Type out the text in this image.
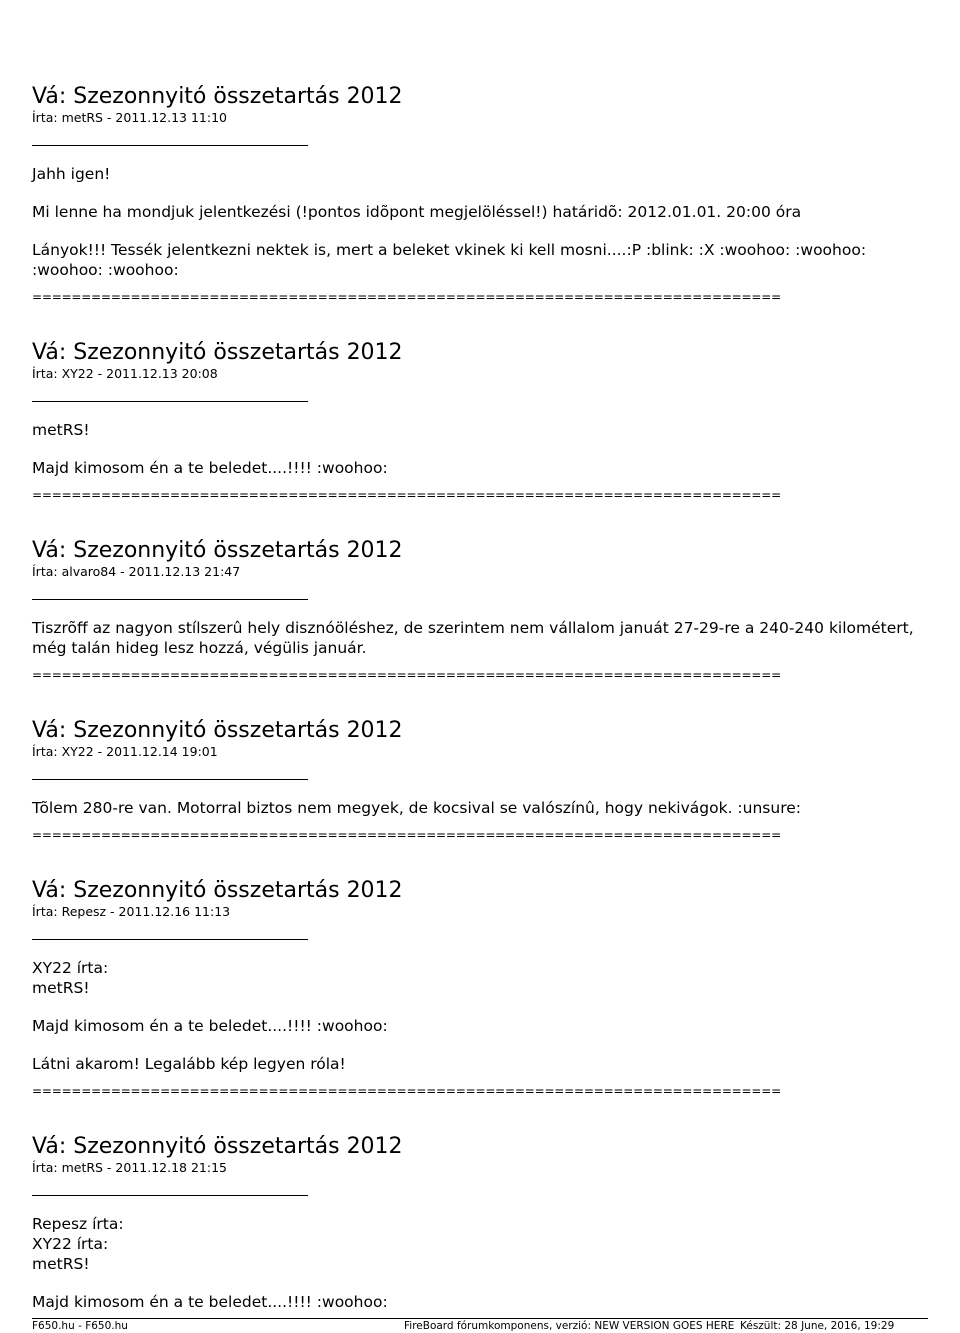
Vá: Szezonnyitó összetartás 2012
Írta: metRS - 2011.12.13 11:10

Jahh igen!

Mi lenne ha mondjuk jelentkezési (!pontos idõpont megjelöléssel!) határidõ: 2012.01.01. 20:00 óra

Lányok!!! Tessék jelentkezni nektek is, mert a beleket vkinek ki kell mosni....:P :blink: :X :woohoo: :woohoo: :woohoo: :woohoo:

============================================================================
Vá: Szezonnyitó összetartás 2012
Írta: XY22 - 2011.12.13 20:08

metRS!

Majd kimosom én a te beledet....!!!! :woohoo:

============================================================================
Vá: Szezonnyitó összetartás 2012
Írta: alvaro84 - 2011.12.13 21:47

Tiszrõff az nagyon stílszerû hely disznóöléshez, de szerintem nem vállalom januát 27-29-re a 240-240 kilométert, még talán hideg lesz hozzá, végülis január.

============================================================================
Vá: Szezonnyitó összetartás 2012
Írta: XY22 - 2011.12.14 19:01

Tõlem 280-re van. Motorral biztos nem megyek, de kocsival se valószínû, hogy nekivágok. :unsure:

============================================================================
Vá: Szezonnyitó összetartás 2012
Írta: Repesz - 2011.12.16 11:13

XY22 írta:

metRS!

Majd kimosom én a te beledet....!!!! :woohoo:

Látni akarom! Legalább kép legyen róla!

============================================================================
Vá: Szezonnyitó összetartás 2012
Írta: metRS - 2011.12.18 21:15

Repesz írta:

XY22 írta:

metRS!

Majd kimosom én a te beledet....!!!! :woohoo:

F650.hu - F650.hu	FireBoard fórumkomponens, verzió: NEW VERSION GOES HERE Készült: 28 June, 2016, 19:29
